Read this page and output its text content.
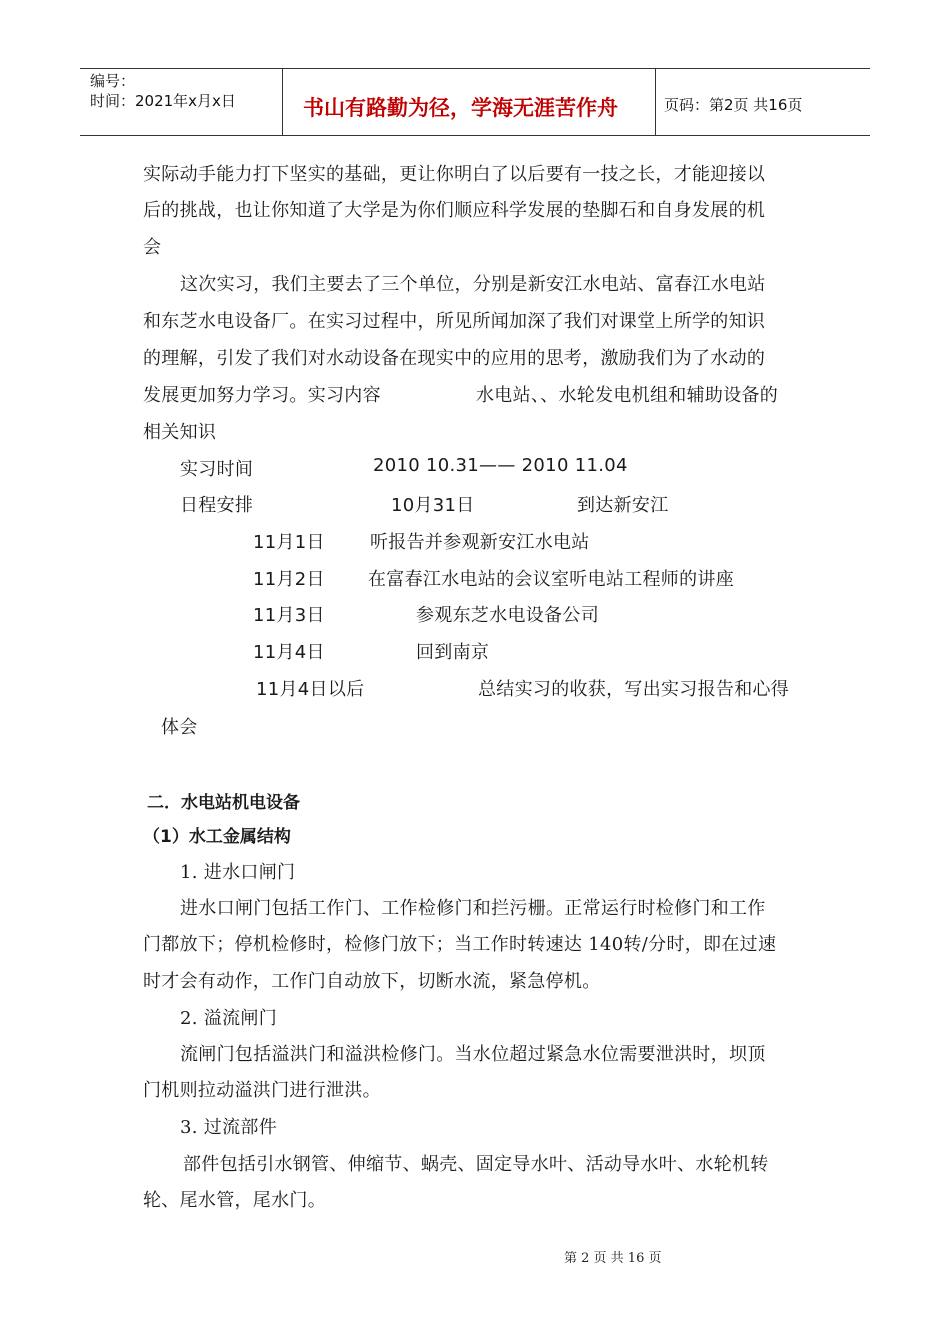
编号：
时间：2021年x月x日	书山有路勤为径，学海无涯苦作舟	页码：第2页 共16页
实际动手能力打下坚实的基础，更让你明白了以后要有一技之长，才能迎接以
后的挑战，也让你知道了大学是为你们顺应科学发展的垫脚石和自身发展的机
会
这次实习，我们主要去了三个单位，分别是新安江水电站、富春江水电站
和东芝水电设备厂。在实习过程中，所见所闻加深了我们对课堂上所学的知识
的理解，引发了我们对水动设备在现实中的应用的思考，激励我们为了水动的
发展更加努力学习。实习内容	水电站、、水轮发电机组和辅助设备的
相关知识
实习时间	2010 10.31—— 2010 11.04
日程安排	10月31日	到达新安江
11月1日	听报告并参观新安江水电站
11月2日 在富春江水电站的会议室听电站工程师的讲座
11月3日	参观东芝水电设备公司
11月4日	回到南京
11月4日以后	总结实习的收获，写出实习报告和心得
体会
二．水电站机电设备
（1）水工金属结构
1. 进水口闸门
进水口闸门包括工作门、工作检修门和拦污栅。正常运行时检修门和工作
门都放下；停机检修时，检修门放下；当工作时转速达 140转/分时，即在过速
时才会有动作，工作门自动放下，切断水流，紧急停机。
2. 溢流闸门
流闸门包括溢洪门和溢洪检修门。当水位超过紧急水位需要泄洪时，坝顶
门机则拉动溢洪门进行泄洪。
3. 过流部件
部件包括引水钢管、伸缩节、蜗壳、固定导水叶、活动导水叶、水轮机转
轮、尾水管，尾水门。
第 2 页 共 16 页
